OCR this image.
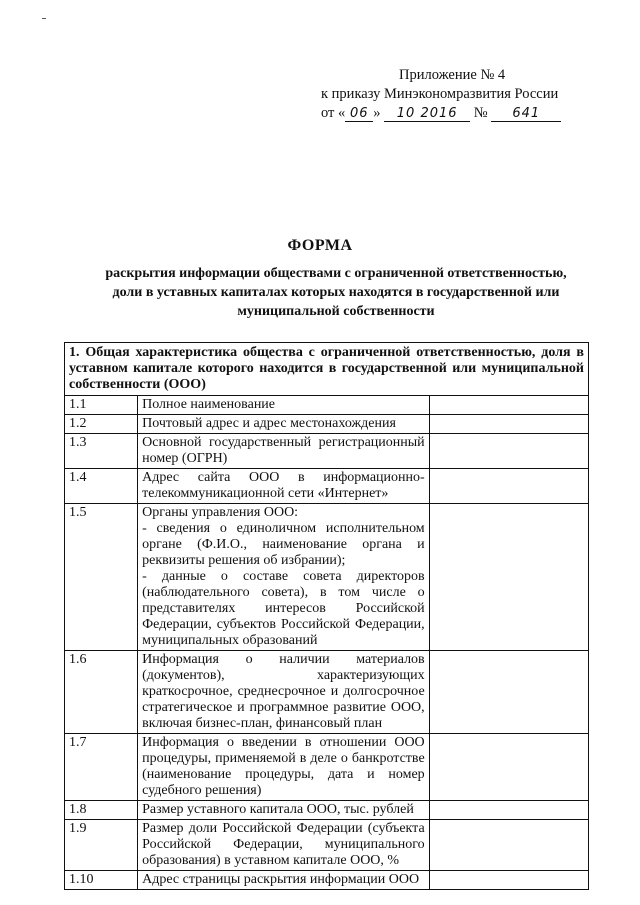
Приложение № 4
к приказу Минэкономразвития России
от « 06 » 10 2016 № 641
ФОРМА
раскрытия информации обществами с ограниченной ответственностью, доли в уставных капиталах которых находятся в государственной или муниципальной собственности
1. Общая характеристика общества с ограниченной ответственностью, доля в уставном капитале которого находится в государственной или муниципальной собственности (ООО)		
1.1	Полное наименование	
1.2	Почтовый адрес и адрес местонахождения	
1.3	Основной государственный регистрационный номер (ОГРН)	
1.4	Адрес сайта ООО в информационно-телекоммуникационной сети «Интернет»	
1.5	Органы управления ООО:
- сведения о единоличном исполнительном органе (Ф.И.О., наименование органа и реквизиты решения об избрании);
- данные о составе совета директоров (наблюдательного совета), в том числе о представителях интересов Российской Федерации, субъектов Российской Федерации, муниципальных образований	

1.6	Информация о наличии материалов (документов), характеризующих краткосрочное, среднесрочное и долгосрочное стратегическое и программное развитие ООО, включая бизнес-план, финансовый план	
1.7	Информация о введении в отношении ООО процедуры, применяемой в деле о банкротстве (наименование процедуры, дата и номер судебного решения)	
1.8	Размер уставного капитала ООО, тыс. рублей	
1.9	Размер доли Российской Федерации (субъекта Российской Федерации, муниципального образования) в уставном капитале ООО, %	
1.10	Адрес страницы раскрытия информации ООО	
